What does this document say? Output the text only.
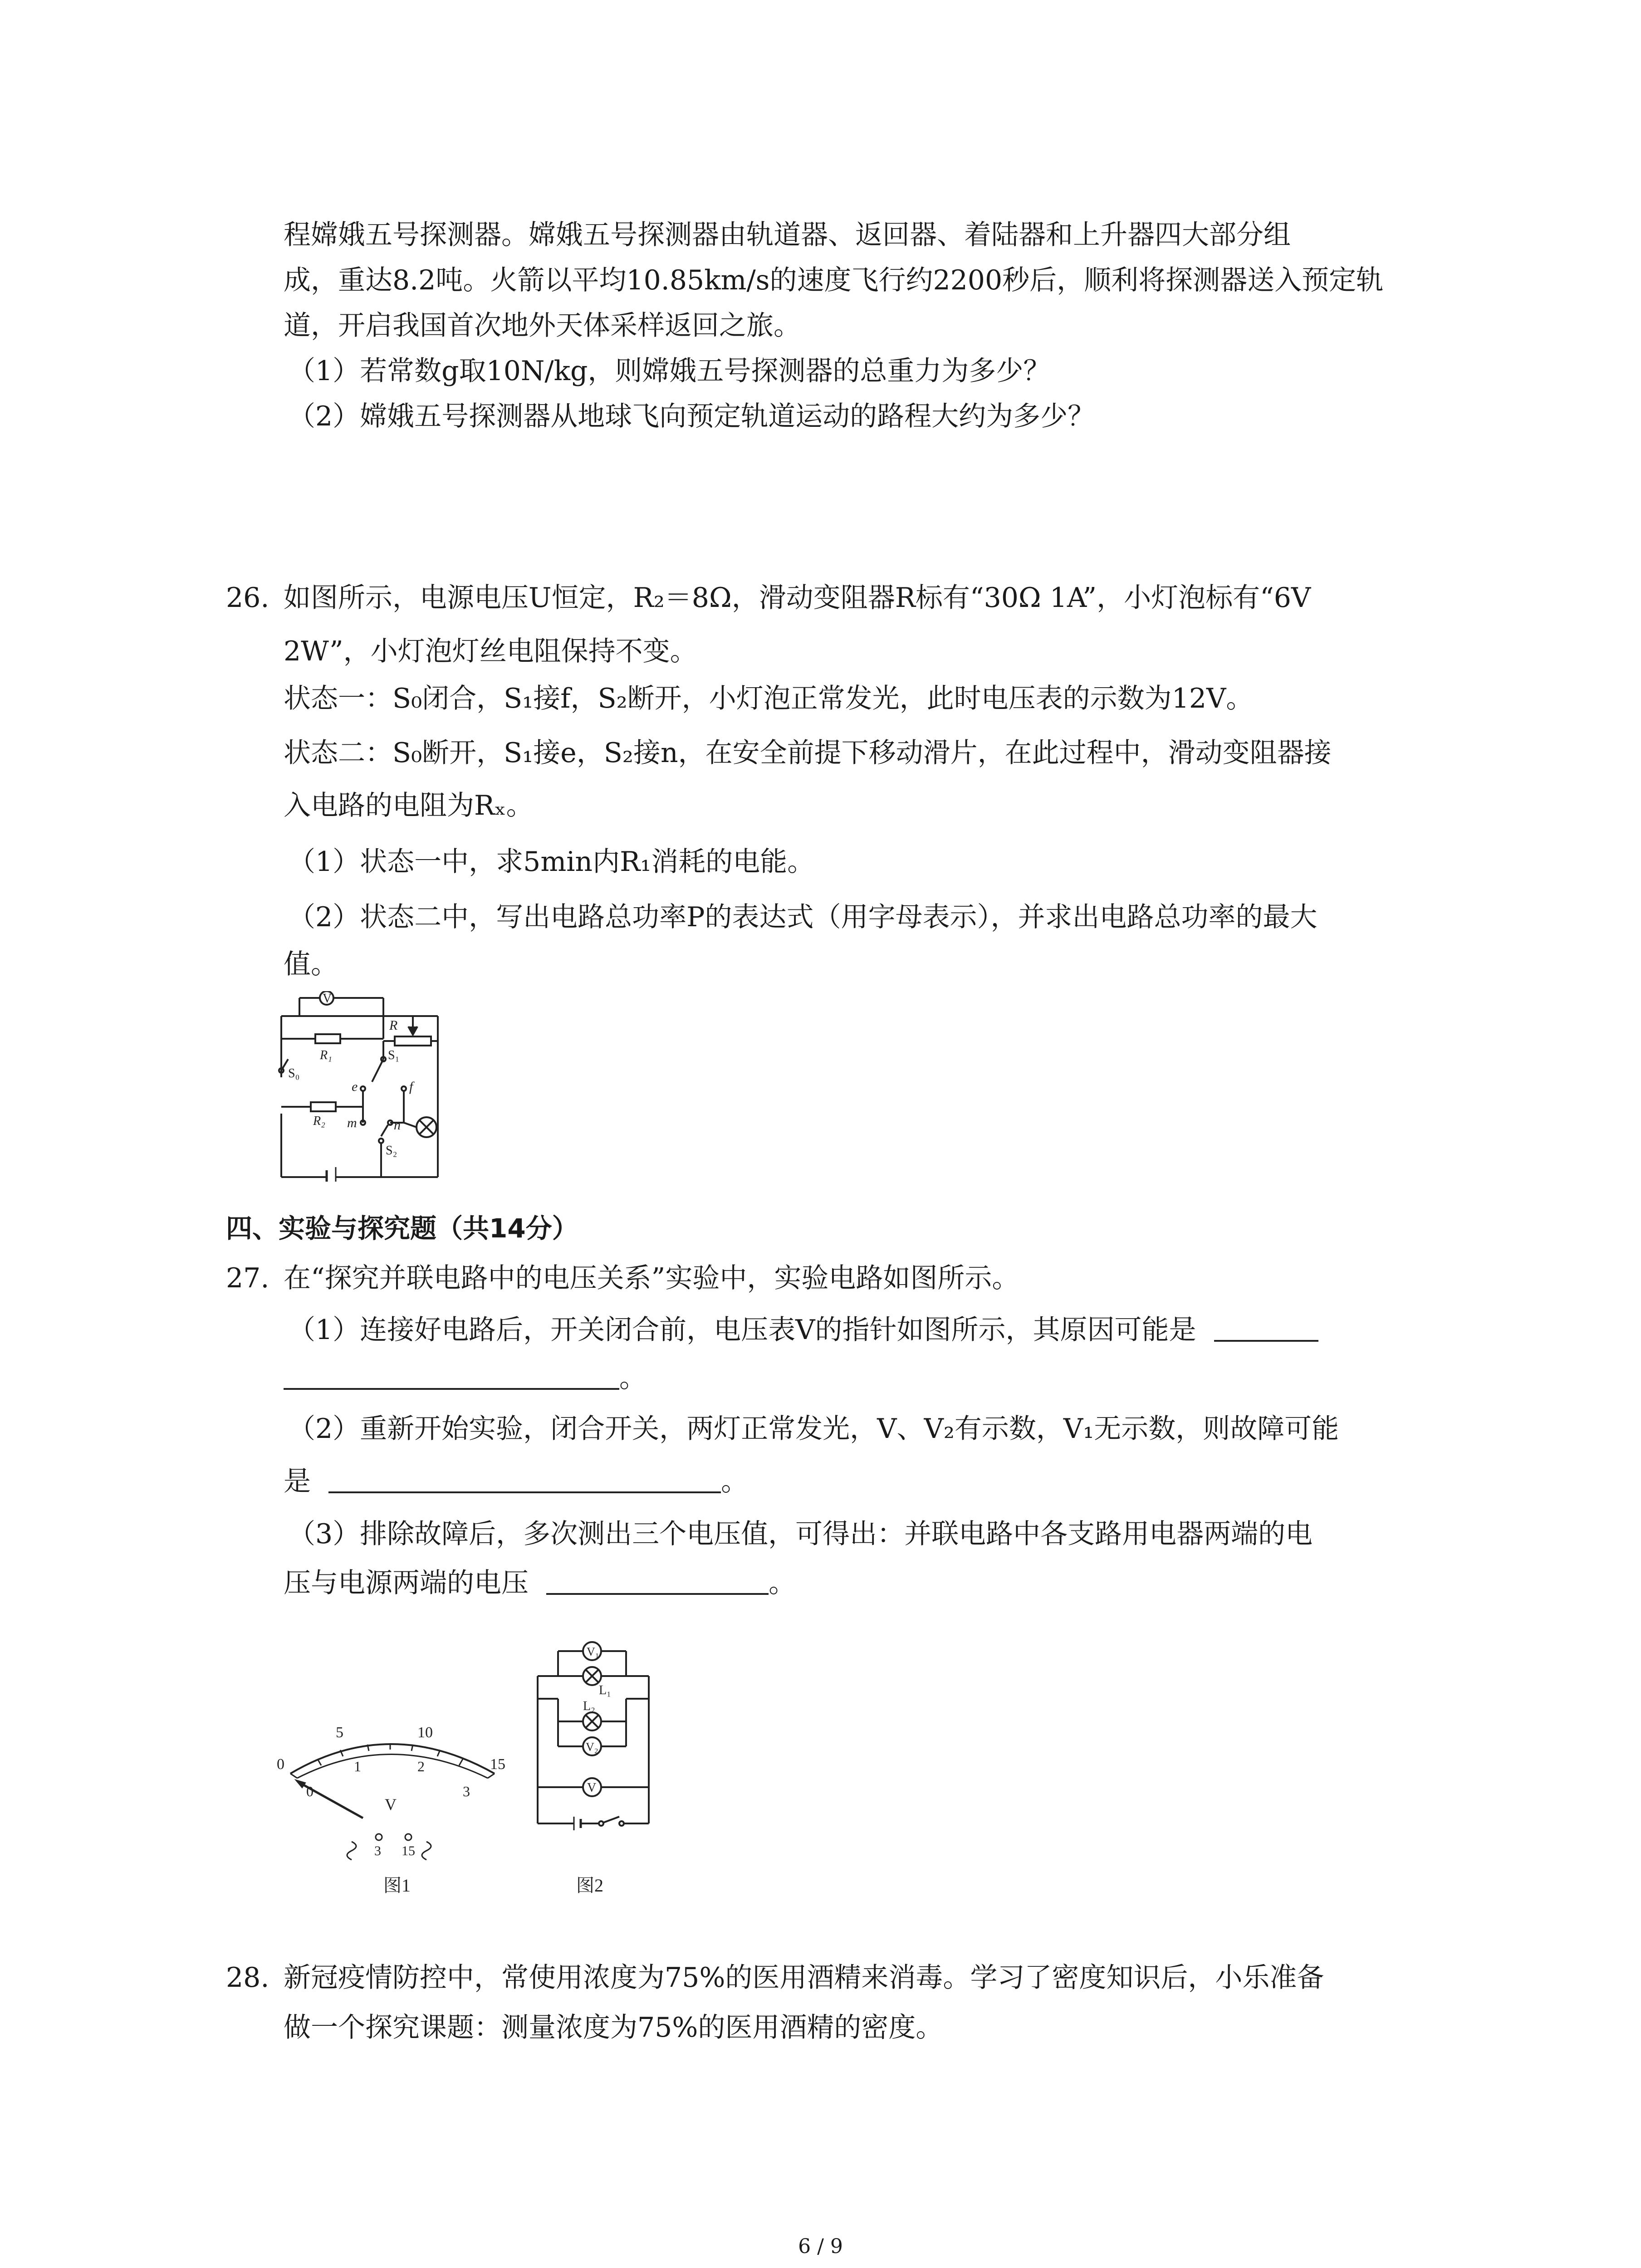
程嫦娥五号探测器。嫦娥五号探测器由轨道器、返回器、着陆器和上升器四大部分组
成，重达8.2吨。火箭以平均10.85km/s的速度飞行约2200秒后，顺利将探测器送入预定轨
道，开启我国首次地外天体采样返回之旅。
（1）若常数g取10N/kg，则嫦娥五号探测器的总重力为多少？
（2）嫦娥五号探测器从地球飞向预定轨道运动的路程大约为多少？
26. 如图所示，电源电压U恒定，R₂＝8Ω，滑动变阻器R标有“30Ω 1A”，小灯泡标有“6V
2W”，小灯泡灯丝电阻保持不变。
状态一：S₀闭合，S₁接f，S₂断开，小灯泡正常发光，此时电压表的示数为12V。
状态二：S₀断开，S₁接e，S₂接n，在安全前提下移动滑片，在此过程中，滑动变阻器接
入电路的电阻为Rₓ。
（1）状态一中，求5min内R₁消耗的电能。
（2）状态二中，写出电路总功率P的表达式（用字母表示），并求出电路总功率的最大
值。
V
R
R₁	S₁
S₀
e	f
R₂ m	n
S₂
四、实验与探究题（共14分）
27. 在“探究并联电路中的电压关系”实验中，实验电路如图所示。
（1）连接好电路后，开关闭合前，电压表V的指针如图所示，其原因可能是
。
（2）重新开始实验，闭合开关，两灯正常发光，V、V₂有示数，V₁无示数，则故障可能
是	。
（3）排除故障后，多次测出三个电压值，可得出：并联电路中各支路用电器两端的电
压与电源两端的电压	。
0
5	10
15
0
1	2
3
V
3 15
图1
V₁
L₁
L₂
V₂
V
图2
28. 新冠疫情防控中，常使用浓度为75%的医用酒精来消毒。学习了密度知识后，小乐准备
做一个探究课题：测量浓度为75%的医用酒精的密度。
6 / 9
